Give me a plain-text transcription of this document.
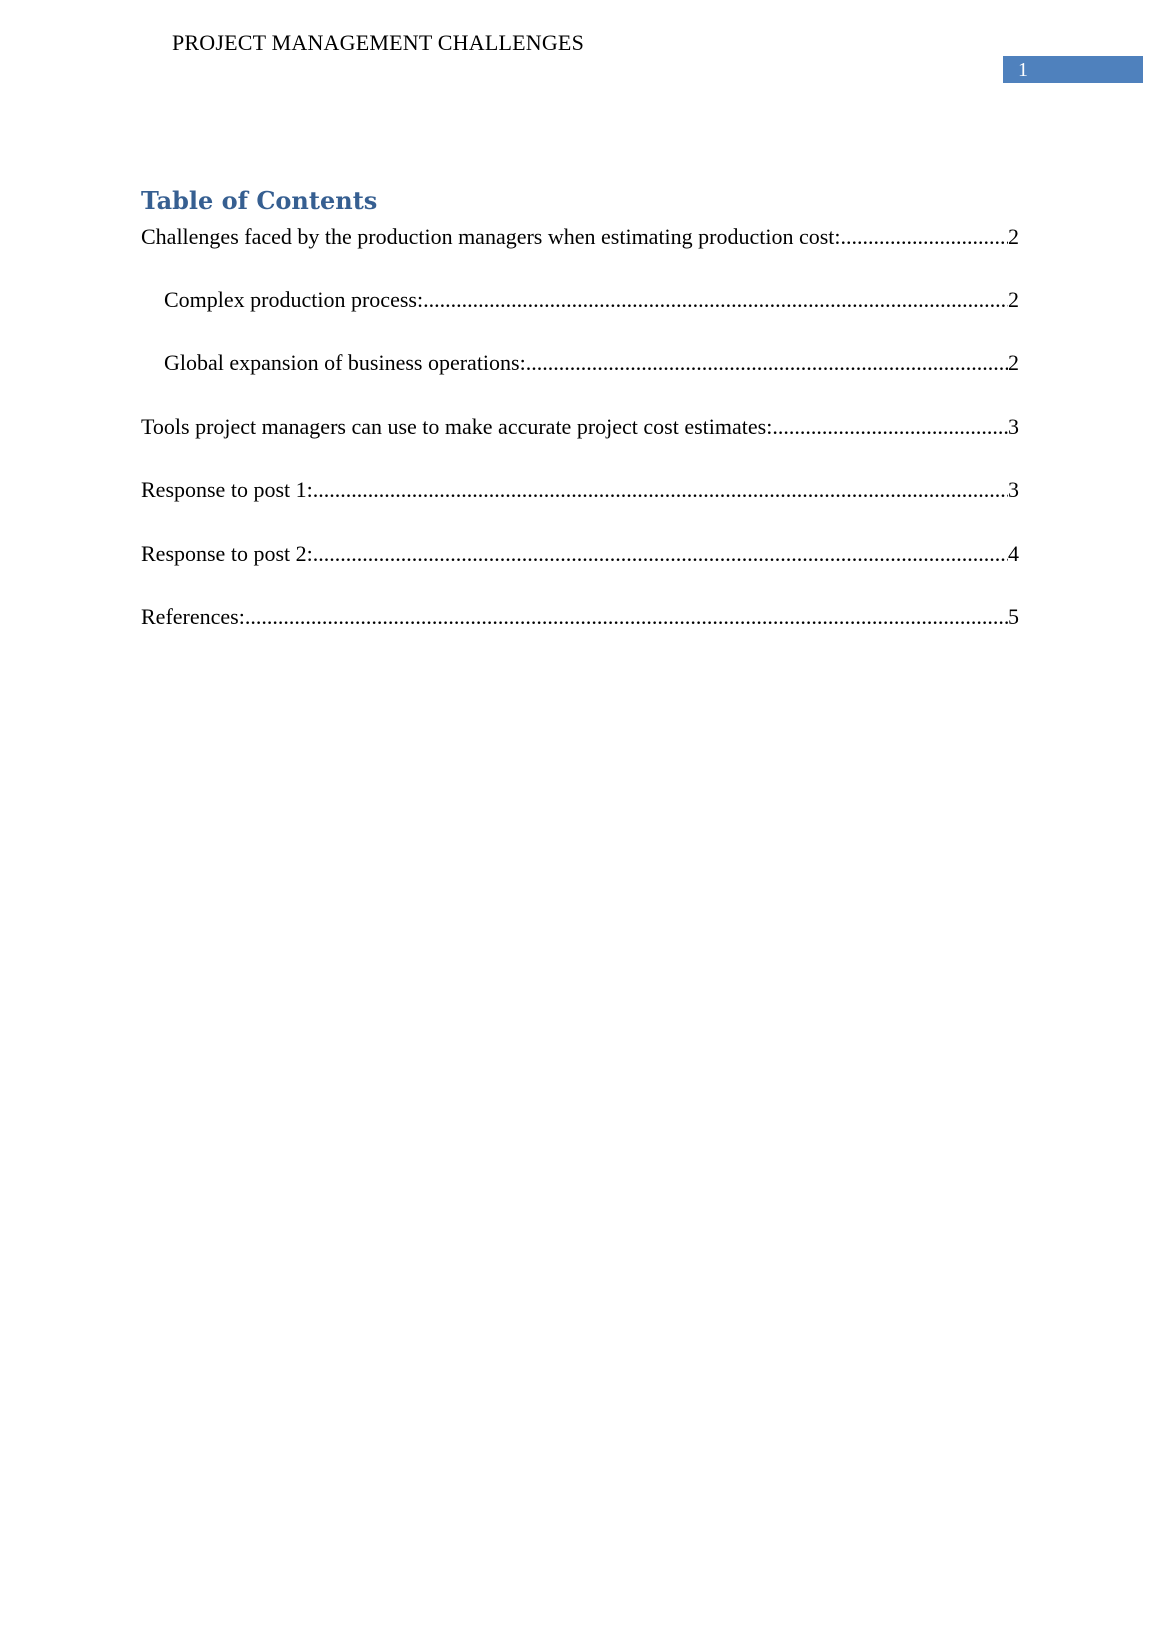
PROJECT MANAGEMENT CHALLENGES
1
Table of Contents
Challenges faced by the production managers when estimating production cost: .....	2
Complex production process: .....	2
Global expansion of business operations: .....	2
Tools project managers can use to make accurate project cost estimates: .....	3
Response to post 1: .....	3
Response to post 2: .....	4
References: .....	5
